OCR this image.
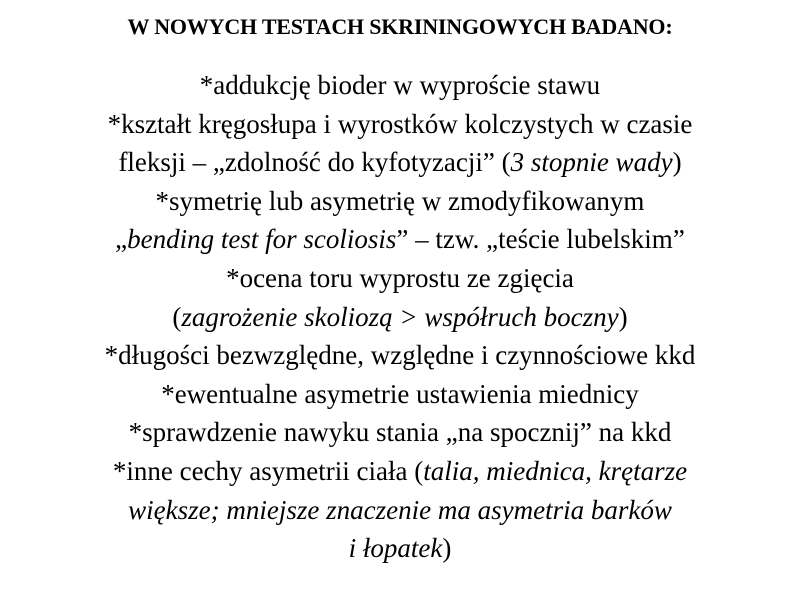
W NOWYCH TESTACH SKRININGOWYCH BADANO:
*addukcję bioder w wyproście stawu
*kształt kręgosłupa i wyrostków kolczystych w czasie
fleksji – „zdolność do kyfotyzacji” (3 stopnie wady)
*symetrię lub asymetrię w zmodyfikowanym
„bending test for scoliosis” – tzw. „teście lubelskim”
*ocena toru wyprostu ze zgięcia
(zagrożenie skoliozą > współruch boczny)
*długości bezwzględne, względne i czynnościowe kkd
*ewentualne asymetrie ustawienia miednicy
*sprawdzenie nawyku stania „na spocznij” na kkd
*inne cechy asymetrii ciała (talia, miednica, krętarze
większe; mniejsze znaczenie ma asymetria barków
i łopatek)
